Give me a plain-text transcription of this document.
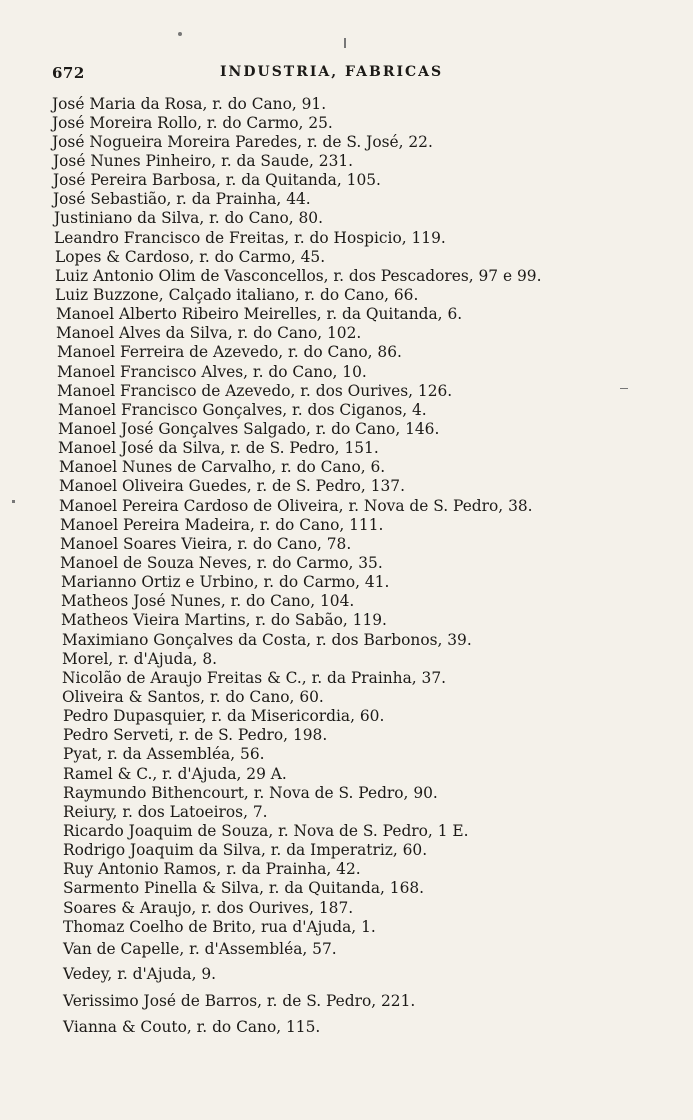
672	INDUSTRIA, FABRICAS
José Maria da Rosa, r. do Cano, 91.
José Moreira Rollo, r. do Carmo, 25.
José Nogueira Moreira Paredes, r. de S. José, 22.
José Nunes Pinheiro, r. da Saude, 231.
José Pereira Barbosa, r. da Quitanda, 105.
José Sebastião, r. da Prainha, 44.
Justiniano da Silva, r. do Cano, 80.
Leandro Francisco de Freitas, r. do Hospicio, 119.
Lopes & Cardoso, r. do Carmo, 45.
Luiz Antonio Olim de Vasconcellos, r. dos Pescadores, 97 e 99.
Luiz Buzzone, Calçado italiano, r. do Cano, 66.
Manoel Alberto Ribeiro Meirelles, r. da Quitanda, 6.
Manoel Alves da Silva, r. do Cano, 102.
Manoel Ferreira de Azevedo, r. do Cano, 86.
Manoel Francisco Alves, r. do Cano, 10.
Manoel Francisco de Azevedo, r. dos Ourives, 126.
Manoel Francisco Gonçalves, r. dos Ciganos, 4.
Manoel José Gonçalves Salgado, r. do Cano, 146.
Manoel José da Silva, r. de S. Pedro, 151.
Manoel Nunes de Carvalho, r. do Cano, 6.
Manoel Oliveira Guedes, r. de S. Pedro, 137.
Manoel Pereira Cardoso de Oliveira, r. Nova de S. Pedro, 38.
Manoel Pereira Madeira, r. do Cano, 111.
Manoel Soares Vieira, r. do Cano, 78.
Manoel de Souza Neves, r. do Carmo, 35.
Marianno Ortiz e Urbino, r. do Carmo, 41.
Matheos José Nunes, r. do Cano, 104.
Matheos Vieira Martins, r. do Sabão, 119.
Maximiano Gonçalves da Costa, r. dos Barbonos, 39.
Morel, r. d'Ajuda, 8.
Nicolão de Araujo Freitas & C., r. da Prainha, 37.
Oliveira & Santos, r. do Cano, 60.
Pedro Dupasquier, r. da Misericordia, 60.
Pedro Serveti, r. de S. Pedro, 198.
Pyat, r. da Assembléa, 56.
Ramel & C., r. d'Ajuda, 29 A.
Raymundo Bithencourt, r. Nova de S. Pedro, 90.
Reiury, r. dos Latoeiros, 7.
Ricardo Joaquim de Souza, r. Nova de S. Pedro, 1 E.
Rodrigo Joaquim da Silva, r. da Imperatriz, 60.
Ruy Antonio Ramos, r. da Prainha, 42.
Sarmento Pinella & Silva, r. da Quitanda, 168.
Soares & Araujo, r. dos Ourives, 187.
Thomaz Coelho de Brito, rua d'Ajuda, 1.
Van de Capelle, r. d'Assembléa, 57.
Vedey, r. d'Ajuda, 9.
Verissimo José de Barros, r. de S. Pedro, 221.
Vianna & Couto, r. do Cano, 115.
